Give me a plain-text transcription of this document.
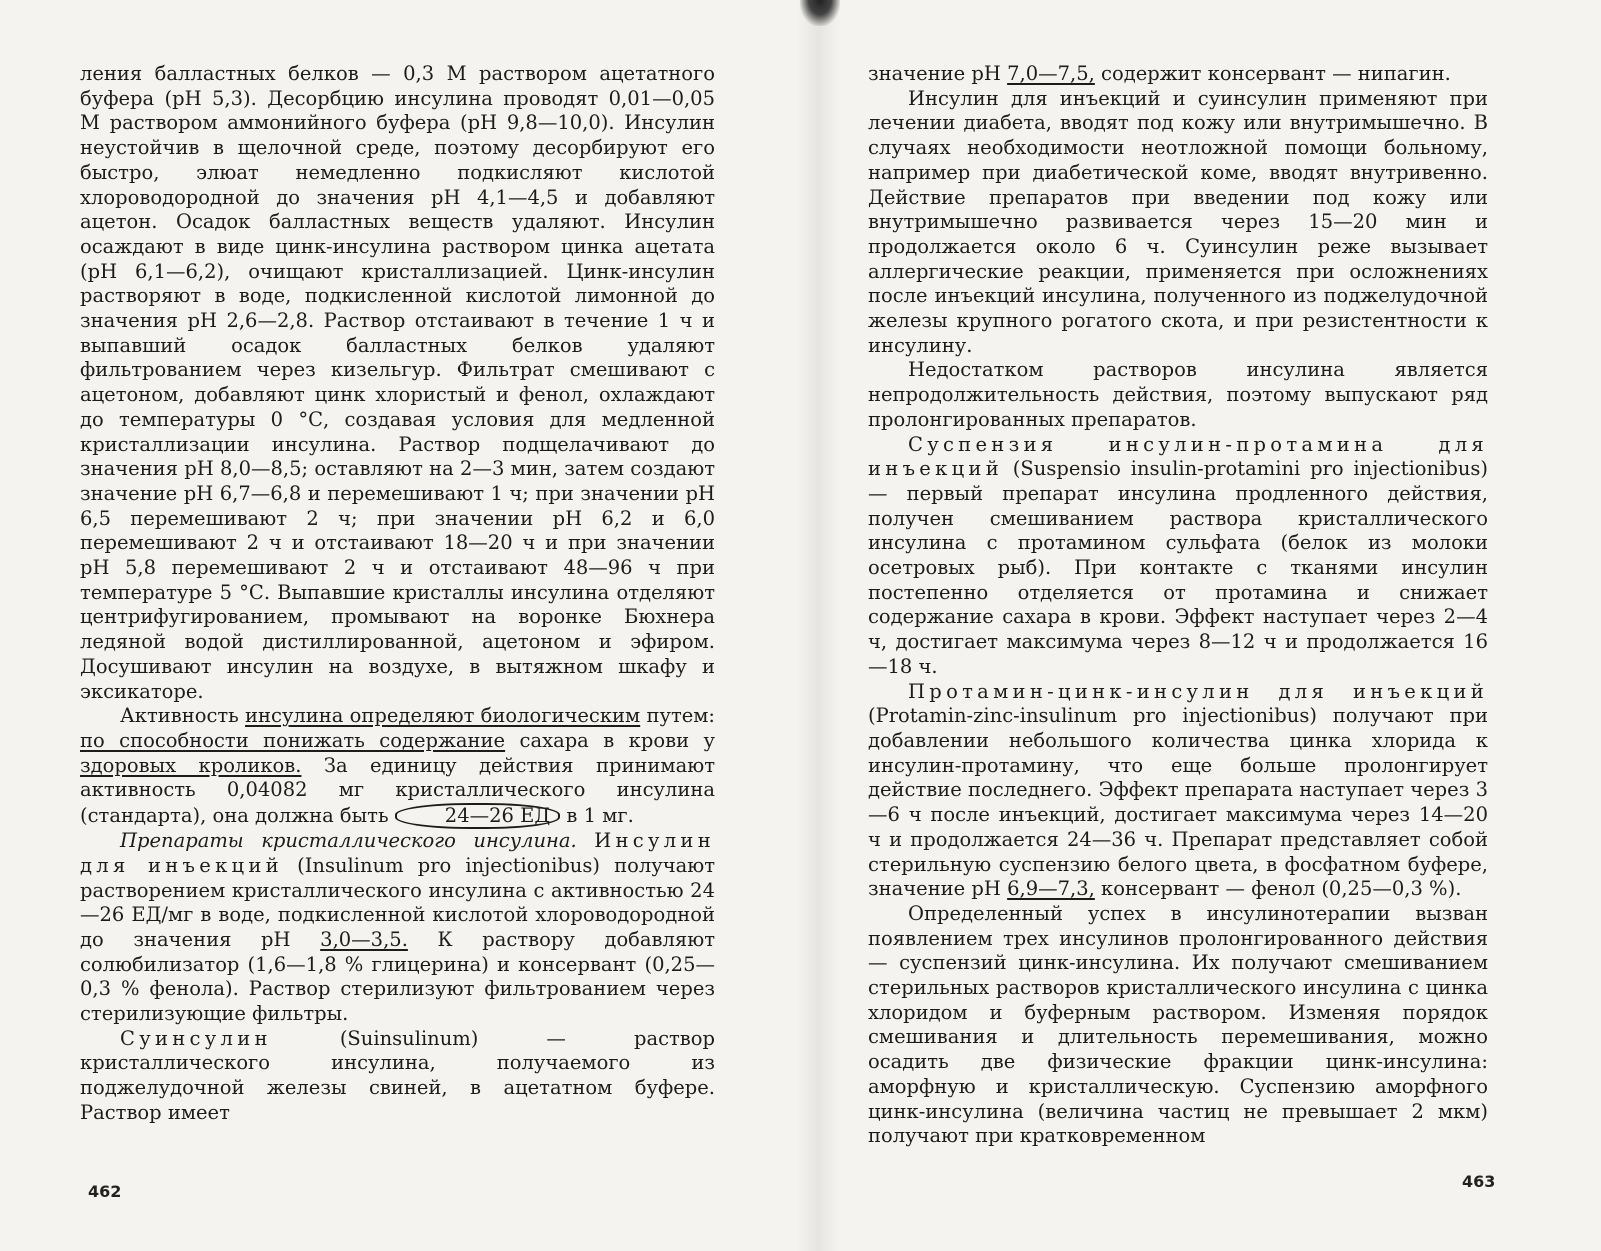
ления балластных белков — 0,3 М раствором ацетатного буфера (pH 5,3). Десорбцию инсулина проводят 0,01—0,05 М раствором аммонийного буфера (pH 9,8—10,0). Инсулин неустойчив в щелочной среде, поэтому десорбируют его быстро, элюат немедленно подкисляют кислотой хлороводородной до значения pH 4,1—4,5 и добавляют ацетон. Осадок балластных веществ удаляют. Инсулин осаждают в виде цинк-инсулина раствором цинка ацетата (pH 6,1—6,2), очищают кристаллизацией. Цинк-инсулин растворяют в воде, подкисленной кислотой лимонной до значения pH 2,6—2,8. Раствор отстаивают в течение 1 ч и выпавший осадок балластных белков удаляют фильтрованием через кизельгур. Фильтрат смешивают с ацетоном, добавляют цинк хлористый и фенол, охлаждают до температуры 0 °С, создавая условия для медленной кристаллизации инсулина. Раствор подщелачивают до значения pH 8,0—8,5; оставляют на 2—3 мин, затем создают значение pH 6,7—6,8 и перемешивают 1 ч; при значении pH 6,5 перемешивают 2 ч; при значении pH 6,2 и 6,0 перемешивают 2 ч и отстаивают 18—20 ч и при значении pH 5,8 перемешивают 2 ч и отстаивают 48—96 ч при температуре 5 °С. Выпавшие кристаллы инсулина отделяют центрифугированием, промывают на воронке Бюхнера ледяной водой дистиллированной, ацетоном и эфиром. Досушивают инсулин на воздухе, в вытяжном шкафу и эксикаторе.

Активность инсулина определяют биологическим путем: по способности понижать содержание сахара в крови у здоровых кроликов. За единицу действия принимают активность 0,04082 мг кристаллического инсулина (стандарта), она должна быть	24—26 ЕД в 1 мг.

Препараты кристаллического инсулина. Инсулин для инъекций (Insulinum pro injectionibus) получают растворением кристаллического инсулина с активностью 24—26 ЕД/мг в воде, подкисленной кислотой хлороводородной до значения pH 3,0—3,5. К раствору добавляют солюбилизатор (1,6—1,8 % глицерина) и консервант (0,25—0,3 % фенола). Раствор стерилизуют фильтрованием через стерилизующие фильтры.

Суинсулин (Suinsulinum) — раствор кристаллического инсулина, получаемого из поджелудочной железы свиней, в ацетатном буфере. Раствор имеет

462

значение pH 7,0—7,5, содержит консервант — нипагин.

Инсулин для инъекций и суинсулин применяют при лечении диабета, вводят под кожу или внутримышечно. В случаях необходимости неотложной помощи больному, например при диабетической коме, вводят внутривенно. Действие препаратов при введении под кожу или внутримышечно развивается через 15—20 мин и продолжается около 6 ч. Суинсулин реже вызывает аллергические реакции, применяется при осложнениях после инъекций инсулина, полученного из поджелудочной железы крупного рогатого скота, и при резистентности к инсулину.

Недостатком растворов инсулина является непродолжительность действия, поэтому выпускают ряд пролонгированных препаратов.

Суспензия инсулин-протамина для инъекций (Suspensio insulin-protamini pro injectionibus) — первый препарат инсулина продленного действия, получен смешиванием раствора кристаллического инсулина с протамином сульфата (белок из молоки осетровых рыб). При контакте с тканями инсулин постепенно отделяется от протамина и снижает содержание сахара в крови. Эффект наступает через 2—4 ч, достигает максимума через 8—12 ч и продолжается 16—18 ч.

Протамин-цинк-инсулин для инъекций (Protamin-zinc-insulinum pro injectionibus) получают при добавлении небольшого количества цинка хлорида к инсулин-протамину, что еще больше пролонгирует действие последнего. Эффект препарата наступает через 3—6 ч после инъекций, достигает максимума через 14—20 ч и продолжается 24—36 ч. Препарат представляет собой стерильную суспензию белого цвета, в фосфатном буфере, значение pH 6,9—7,3, консервант — фенол (0,25—0,3 %).

Определенный успех в инсулинотерапии вызван появлением трех инсулинов пролонгированного действия — суспензий цинк-инсулина. Их получают смешиванием стерильных растворов кристаллического инсулина с цинка хлоридом и буферным раствором. Изменяя порядок смешивания и длительность перемешивания, можно осадить две физические фракции цинк-инсулина: аморфную и кристаллическую. Суспензию аморфного цинк-инсулина (величина частиц не превышает 2 мкм) получают при кратковременном

463
